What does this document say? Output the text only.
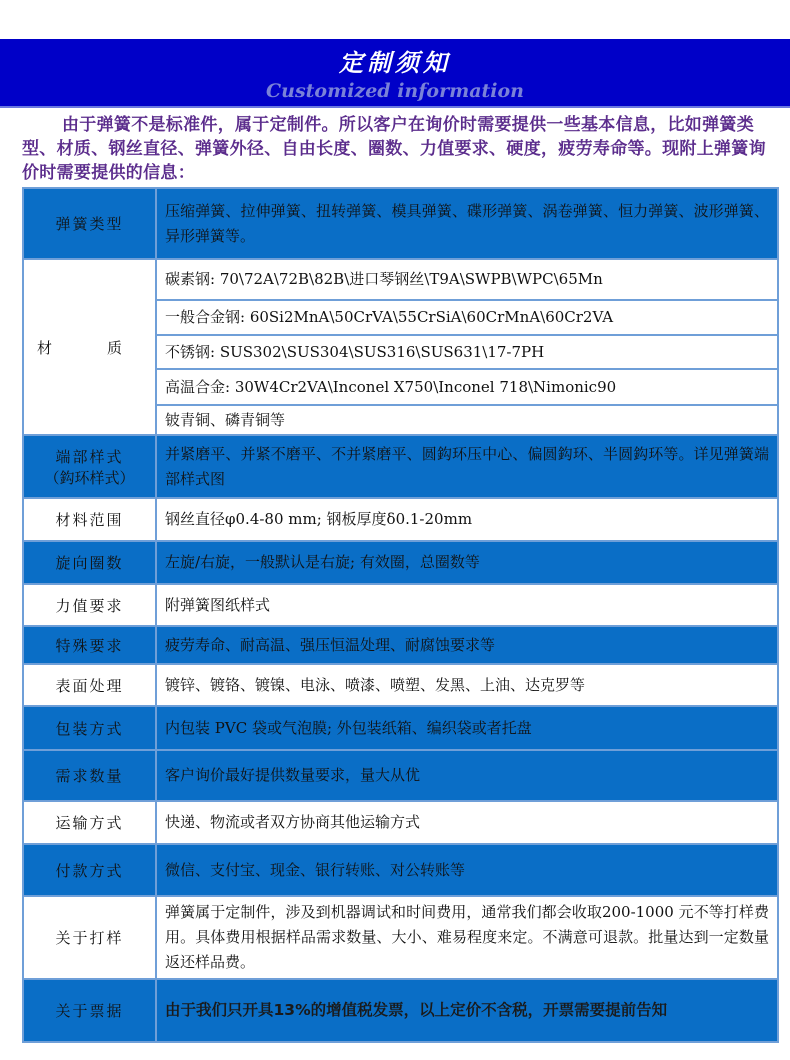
定制须知
Customized information
由于弹簧不是标准件，属于定制件。所以客户在询价时需要提供一些基本信息，比如弹簧类型、材质、钢丝直径、弹簧外径、自由长度、圈数、力值要求、硬度，疲劳寿命等。现附上弹簧询价时需要提供的信息：
弹簧类型	压缩弹簧、拉伸弹簧、扭转弹簧、模具弹簧、碟形弹簧、涡卷弹簧、恒力弹簧、波形弹簧、异形弹簧等。
材　质	碳素钢: 70\72A\72B\82B\进口琴钢丝\T9A\SWPB\WPC\65Mn
	一般合金钢: 60Si2MnA\50CrVA\55CrSiA\60CrMnA\60Cr2VA
	不锈钢: SUS302\SUS304\SUS316\SUS631\17-7PH
	高温合金: 30W4Cr2VA\Inconel X750\Inconel 718\Nimonic90
	铍青铜、磷青铜等

端部样式
（鈎环样式）	并紧磨平、并紧不磨平、不并紧磨平、圆鈎环压中心、偏圆鈎环、半圆鈎环等。详见弹簧端部样式图
材料范围	钢丝直径φ0.4-80 mm; 钢板厚度δ0.1-20mm
旋向圈数	左旋/右旋，一般默认是右旋; 有效圈，总圈数等
力值要求	附弹簧图纸样式
特殊要求	疲劳寿命、耐高温、强压恒温处理、耐腐蚀要求等
表面处理	镀锌、镀铬、镀镍、电泳、喷漆、喷塑、发黑、上油、达克罗等
包装方式	内包装 PVC 袋或气泡膜; 外包装纸箱、编织袋或者托盘
需求数量	客户询价最好提供数量要求，量大从优
运输方式	快递、物流或者双方协商其他运输方式
付款方式	微信、支付宝、现金、银行转账、对公转账等
关于打样	弹簧属于定制件，涉及到机器调试和时间费用，通常我们都会收取200-1000 元不等打样费用。具体费用根据样品需求数量、大小、难易程度来定。不满意可退款。批量达到一定数量返还样品费。
关于票据	由于我们只开具13%的增值税发票，以上定价不含税，开票需要提前告知
